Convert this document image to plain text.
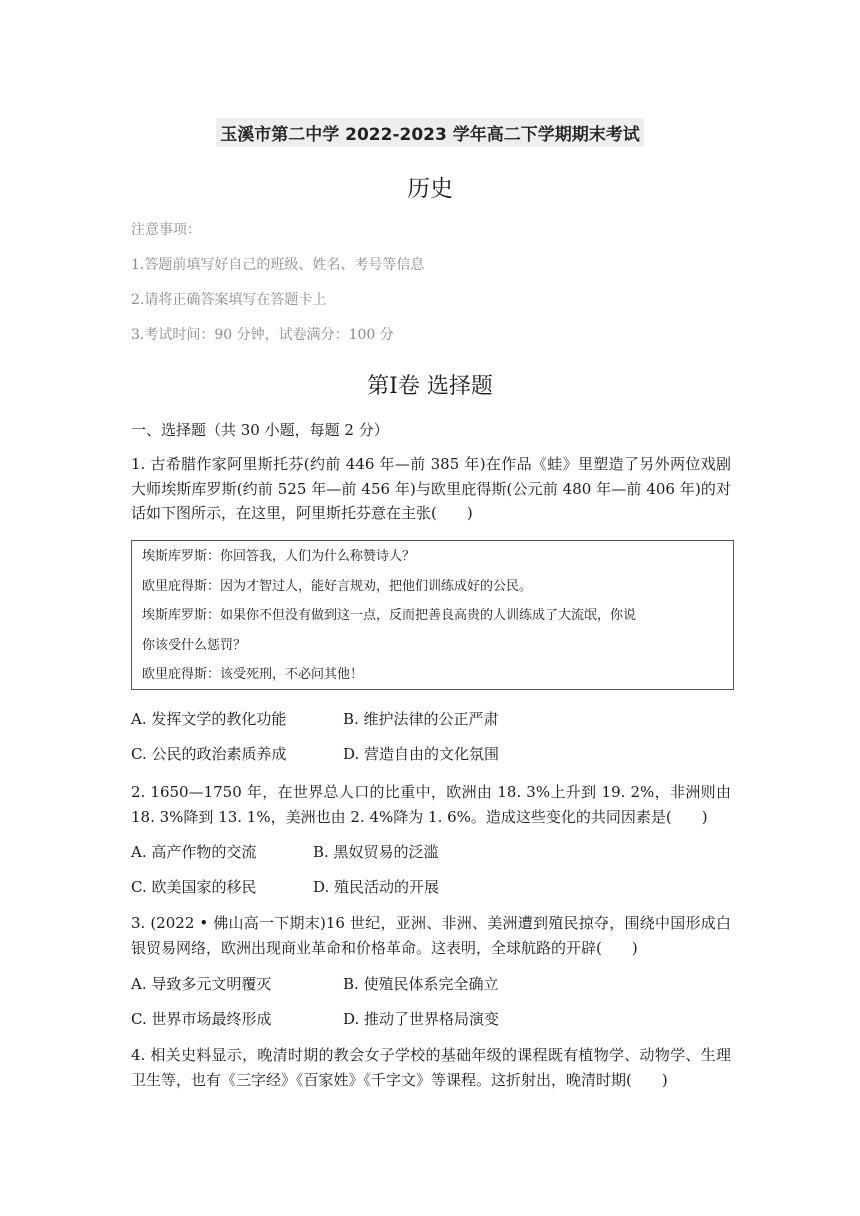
玉溪市第二中学 2022-2023 学年高二下学期期末考试
历史
注意事项：
1.答题前填写好自己的班级、姓名、考号等信息
2.请将正确答案填写在答题卡上
3.考试时间：90 分钟，试卷满分：100 分
第Ⅰ卷 选择题
一、选择题（共 30 小题，每题 2 分）
1. 古希腊作家阿里斯托芬(约前 446 年—前 385 年)在作品《蛙》里塑造了另外两位戏剧大师埃斯库罗斯(约前 525 年—前 456 年)与欧里庇得斯(公元前 480 年—前 406 年)的对话如下图所示，在这里，阿里斯托芬意在主张(　　)
埃斯库罗斯：你回答我，人们为什么称赞诗人？
欧里庇得斯：因为才智过人，能好言规劝，把他们训练成好的公民。
埃斯库罗斯：如果你不但没有做到这一点，反而把善良高贵的人训练成了大流氓，你说
你该受什么惩罚？
欧里庇得斯：该受死刑，不必问其他！
A. 发挥文学的教化功能	B. 维护法律的公正严肃
C. 公民的政治素质养成	D. 营造自由的文化氛围
2. 1650—1750 年，在世界总人口的比重中，欧洲由 18. 3%上升到 19. 2%，非洲则由 18. 3%降到 13. 1%，美洲也由 2. 4%降为 1. 6%。造成这些变化的共同因素是(　　)
A. 高产作物的交流	B. 黑奴贸易的泛滥
C. 欧美国家的移民	D. 殖民活动的开展
3. (2022 • 佛山高一下期末)16 世纪，亚洲、非洲、美洲遭到殖民掠夺，围绕中国形成白银贸易网络，欧洲出现商业革命和价格革命。这表明，全球航路的开辟(　　)
A. 导致多元文明覆灭	B. 使殖民体系完全确立
C. 世界市场最终形成	D. 推动了世界格局演变
4. 相关史料显示，晚清时期的教会女子学校的基础年级的课程既有植物学、动物学、生理卫生等，也有《三字经》《百家姓》《千字文》等课程。这折射出，晚清时期(　　)
